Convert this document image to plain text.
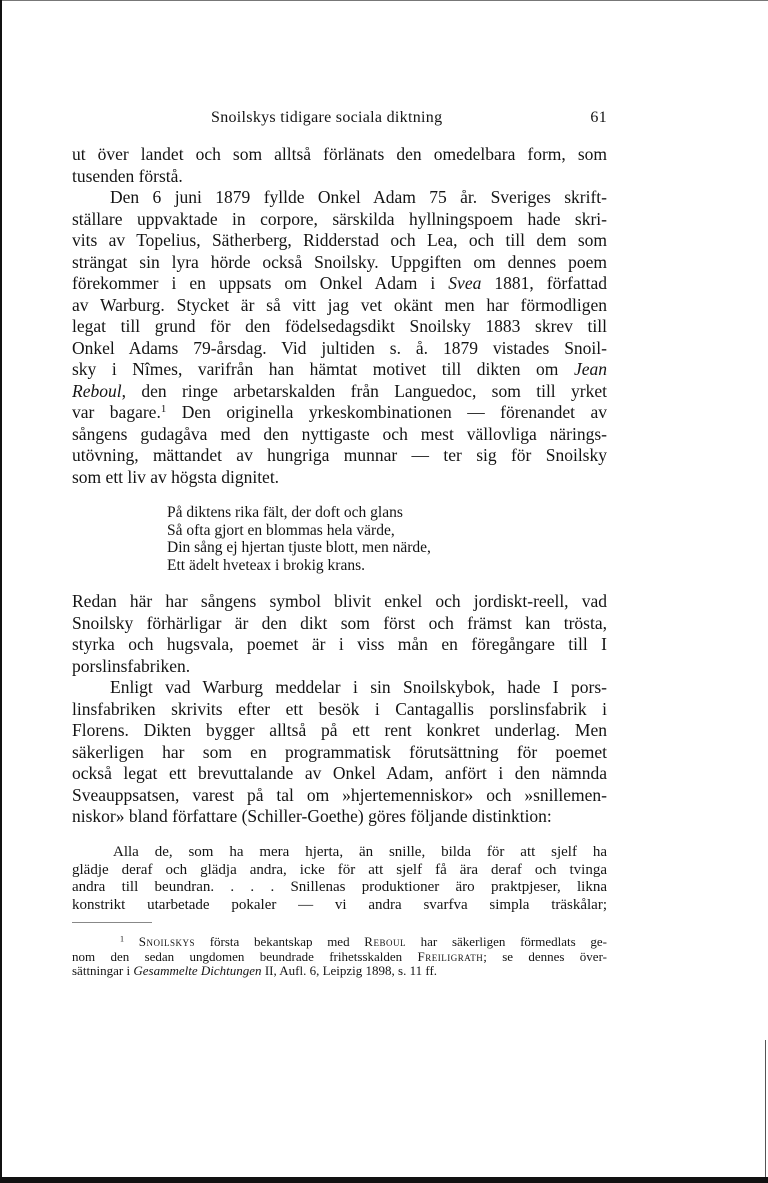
Snoilskys tidigare sociala diktning	61
ut över landet och som alltså förlänats den omedelbara form, som
tusenden förstå.
Den 6 juni 1879 fyllde Onkel Adam 75 år. Sveriges skrift-
ställare uppvaktade in corpore, särskilda hyllningspoem hade skri-
vits av Topelius, Sätherberg, Ridderstad och Lea, och till dem som
strängat sin lyra hörde också Snoilsky. Uppgiften om dennes poem
förekommer i en uppsats om Onkel Adam i Svea 1881, författad
av Warburg. Stycket är så vitt jag vet okänt men har förmodligen
legat till grund för den födelsedagsdikt Snoilsky 1883 skrev till
Onkel Adams 79-årsdag. Vid jultiden s. å. 1879 vistades Snoil-
sky i Nîmes, varifrån han hämtat motivet till dikten om Jean
Reboul, den ringe arbetarskalden från Languedoc, som till yrket
var bagare.$^1$ Den originella yrkeskombinationen — förenandet av
sångens gudagåva med den nyttigaste och mest vällovliga närings-
utövning, mättandet av hungriga munnar — ter sig för Snoilsky
som ett liv av högsta dignitet.
På diktens rika fält, der doft och glans
Så ofta gjort en blommas hela värde,
Din sång ej hjertan tjuste blott, men närde,
Ett ädelt hveteax i brokig krans.
Redan här har sångens symbol blivit enkel och jordiskt-reell, vad
Snoilsky förhärligar är den dikt som först och främst kan trösta,
styrka och hugsvala, poemet är i viss mån en föregångare till I
porslinsfabriken.
Enligt vad Warburg meddelar i sin Snoilskybok, hade I pors-
linsfabriken skrivits efter ett besök i Cantagallis porslinsfabrik i
Florens. Dikten bygger alltså på ett rent konkret underlag. Men
säkerligen har som en programmatisk förutsättning för poemet
också legat ett brevuttalande av Onkel Adam, anfört i den nämnda
Sveauppsatsen, varest på tal om »hjertemenniskor» och »snillemen-
niskor» bland författare (Schiller-Goethe) göres följande distinktion:
Alla de, som ha mera hjerta, än snille, bilda för att sjelf ha
glädje deraf och glädja andra, icke för att sjelf få ära deraf och tvinga
andra till beundran. . . . Snillenas produktioner äro praktpjeser, likna
konstrikt utarbetade pokaler — vi andra svarfva simpla träskålar;
$^1$ Snoilskys första bekantskap med Reboul har säkerligen förmedlats ge-
nom den sedan ungdomen beundrade frihetsskalden Freiligrath; se dennes över-
sättningar i Gesammelte Dichtungen II, Aufl. 6, Leipzig 1898, s. 11 ff.
